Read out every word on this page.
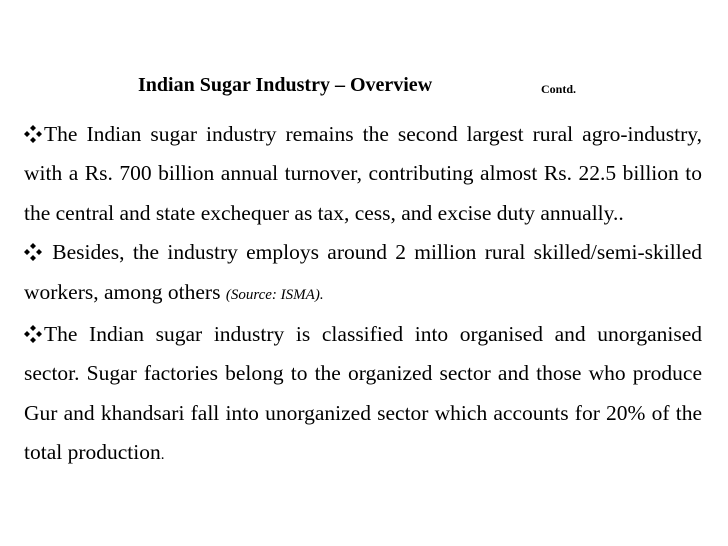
Indian Sugar Industry – Overview	Contd.

The Indian sugar industry remains the second largest rural agro-industry, with a Rs. 700 billion annual turnover, contributing almost Rs. 22.5 billion to the central and state exchequer as tax, cess, and excise duty annually..

Besides, the industry employs around 2 million rural skilled/semi-skilled workers, among others (Source: ISMA).

The Indian sugar industry is classified into organised and unorganised sector. Sugar factories belong to the organized sector and those who produce Gur and khandsari fall into unorganized sector which accounts for 20% of the total production.
